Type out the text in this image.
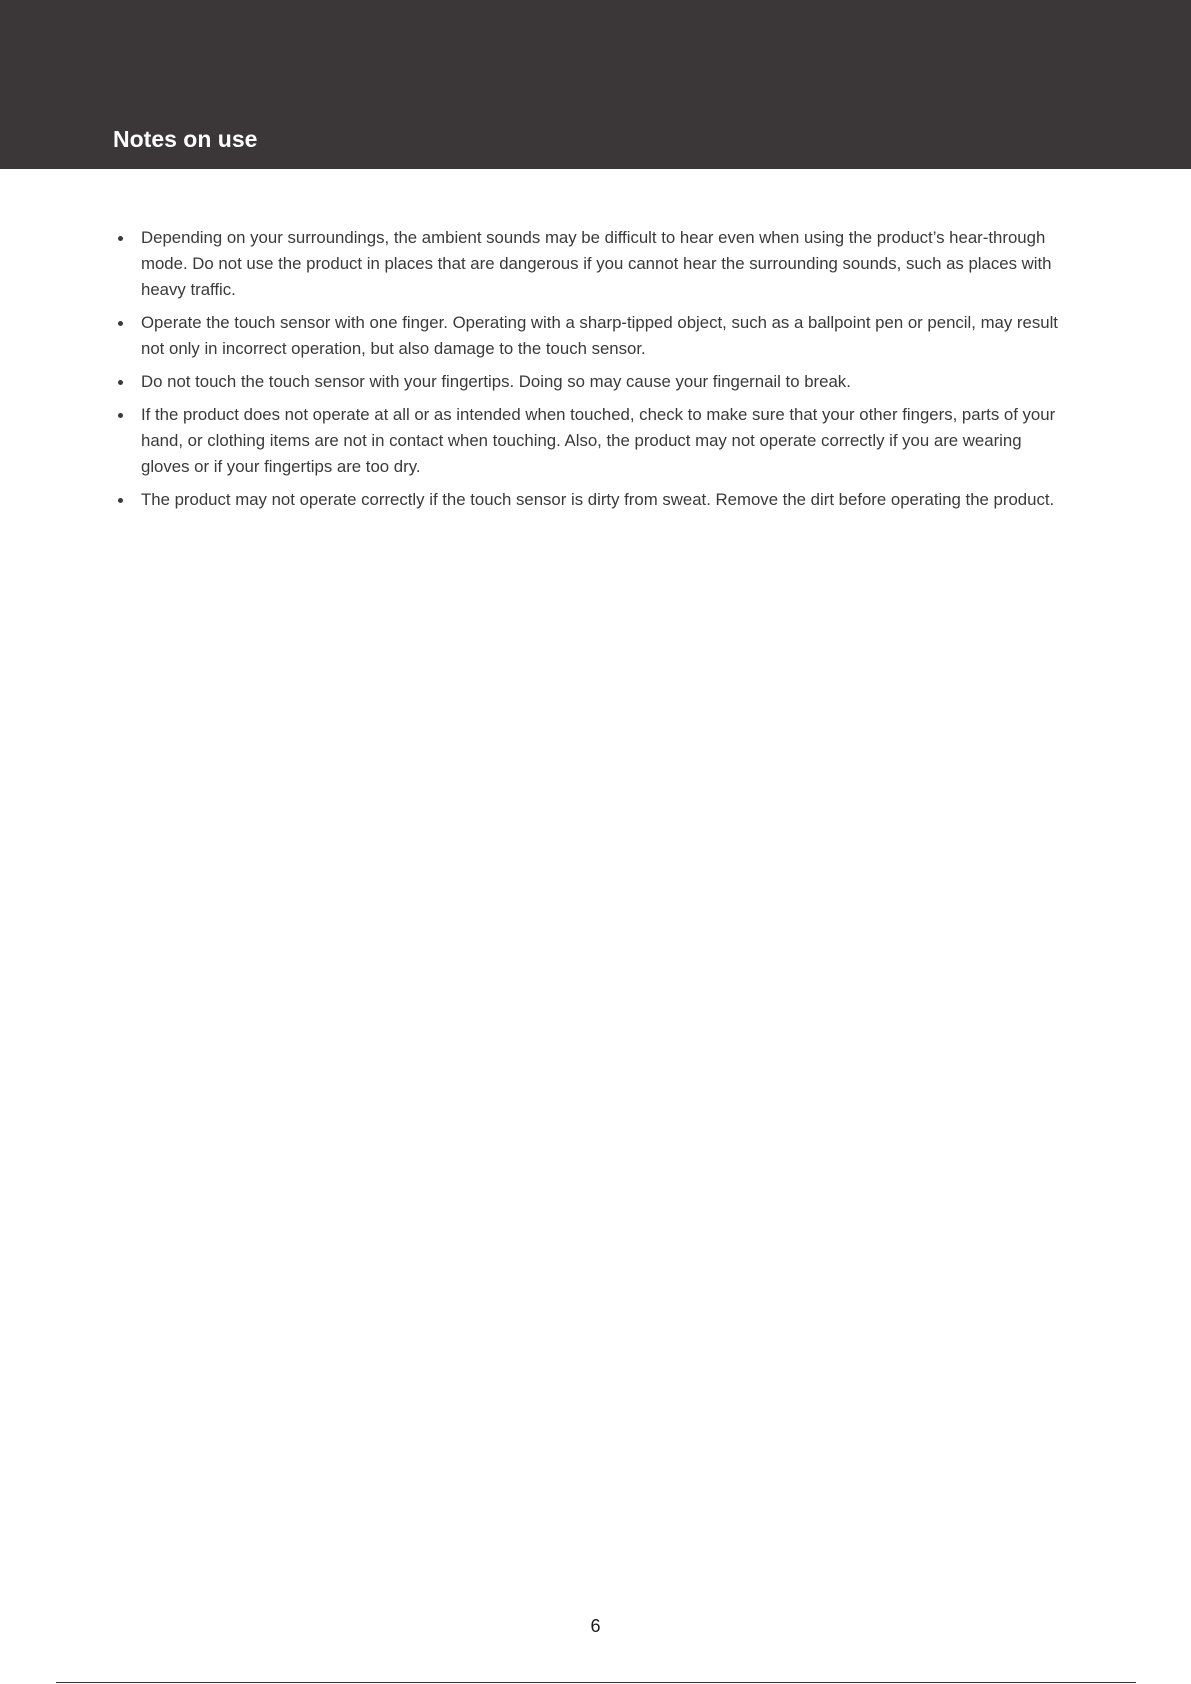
Notes on use
Depending on your surroundings, the ambient sounds may be difficult to hear even when using the product’s hear-through mode. Do not use the product in places that are dangerous if you cannot hear the surrounding sounds, such as places with heavy traffic.
Operate the touch sensor with one finger. Operating with a sharp-tipped object, such as a ballpoint pen or pencil, may result not only in incorrect operation, but also damage to the touch sensor.
Do not touch the touch sensor with your fingertips. Doing so may cause your fingernail to break.
If the product does not operate at all or as intended when touched, check to make sure that your other fingers, parts of your hand, or clothing items are not in contact when touching. Also, the product may not operate correctly if you are wearing gloves or if your fingertips are too dry.
The product may not operate correctly if the touch sensor is dirty from sweat. Remove the dirt before operating the product.
6
